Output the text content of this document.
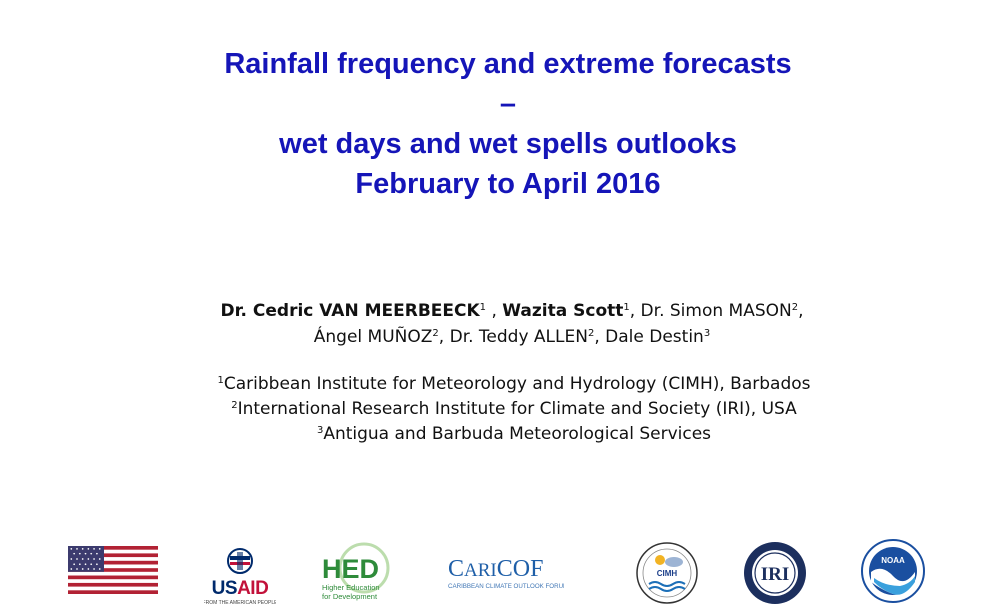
Rainfall frequency and extreme forecasts
–
wet days and wet spells outlooks
February to April 2016
Dr. Cedric VAN MEERBEECK$^1$ , Wazita Scott$^1$, Dr. Simon MASON$^2$,
Ángel MUÑOZ$^2$, Dr. Teddy ALLEN$^2$, Dale Destin$^3$
$^1$Caribbean Institute for Meteorology and Hydrology (CIMH), Barbados
$^2$International Research Institute for Climate and Society (IRI), USA
$^3$Antigua and Barbuda Meteorological Services
USAID
FROM THE AMERICAN PEOPLE
HED
Higher Education
for Development
CARICOF
CARIBBEAN CLIMATE OUTLOOK FORUM
CIMH	IRI
NOAA
